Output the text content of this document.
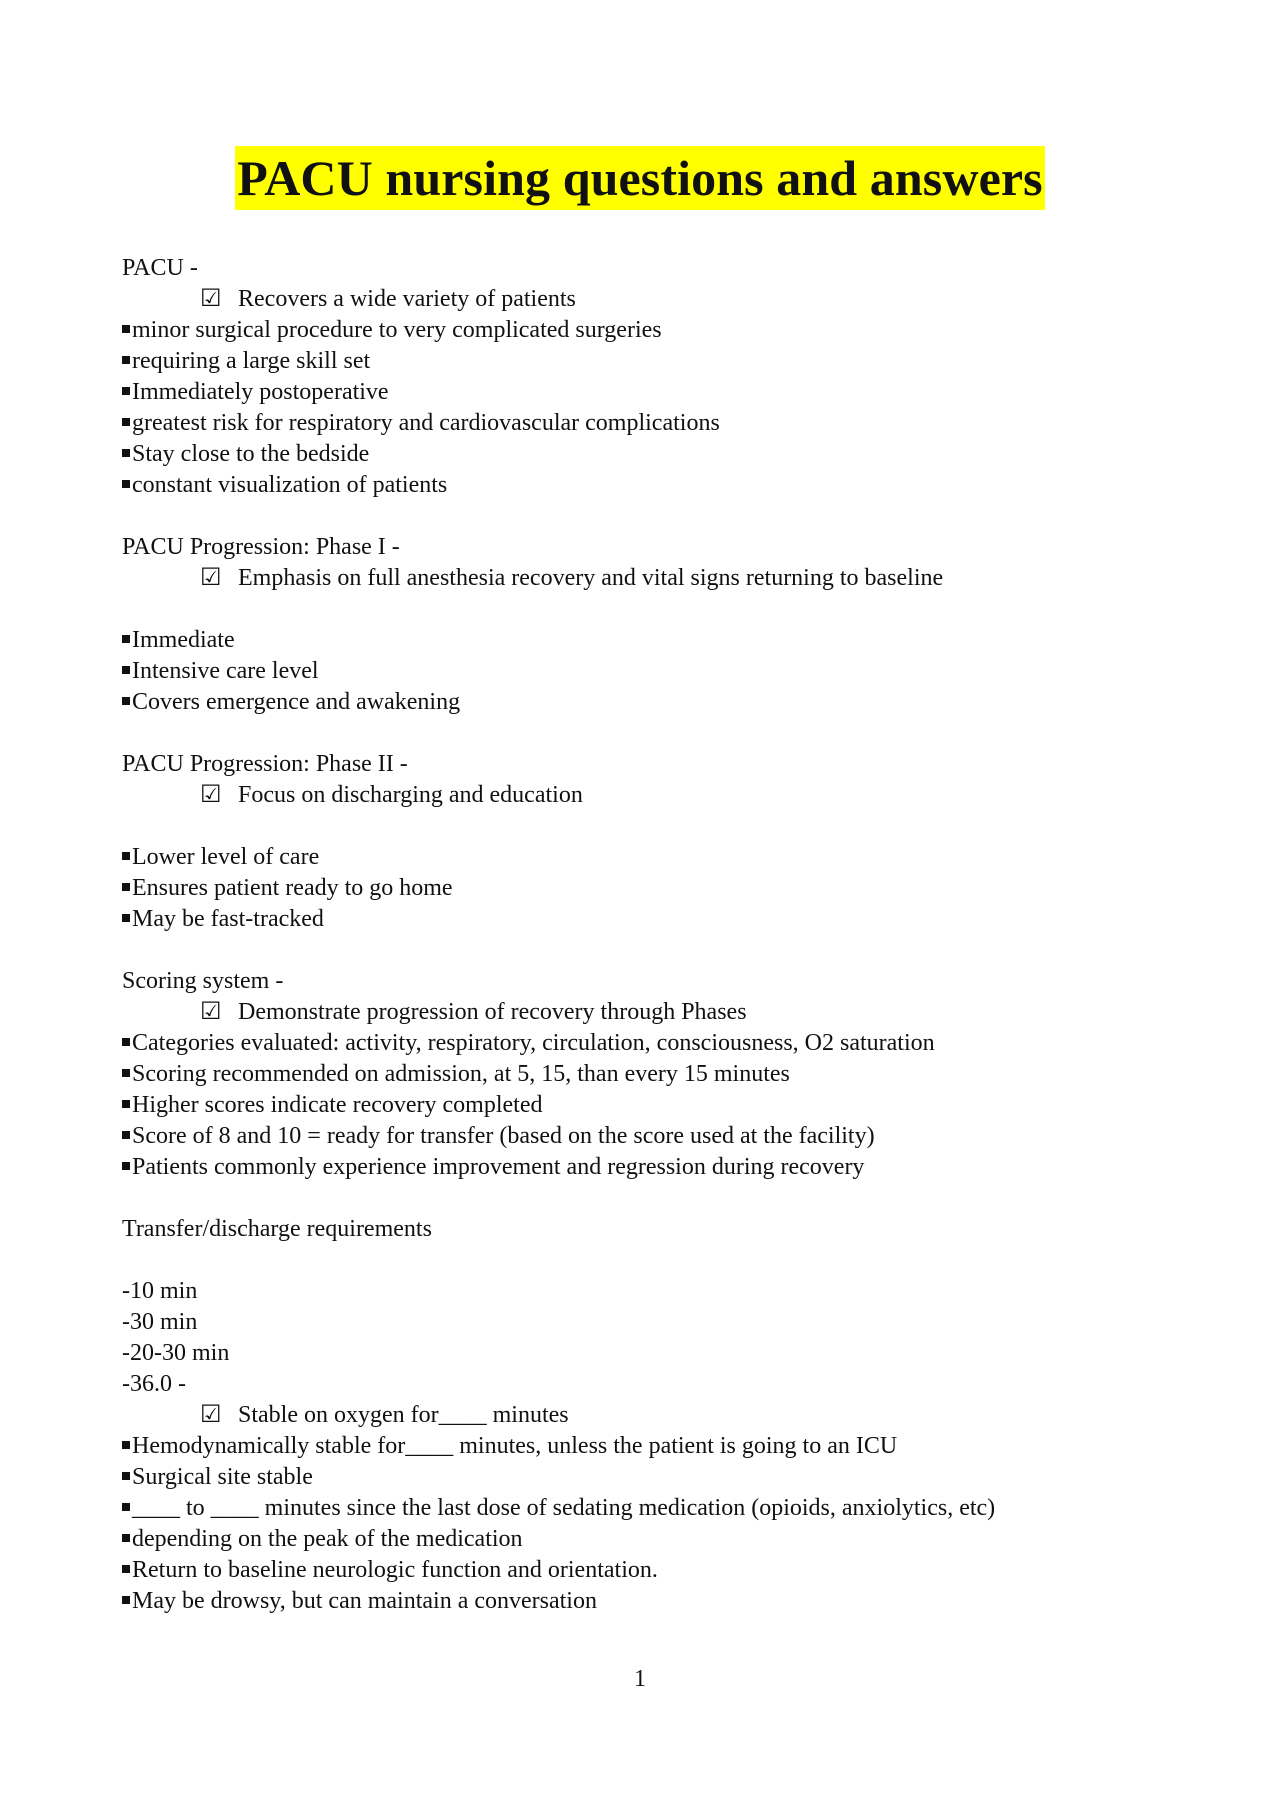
PACU nursing questions and answers
PACU -
☑ Recovers a wide variety of patients
minor surgical procedure to very complicated surgeries
requiring a large skill set
Immediately postoperative
greatest risk for respiratory and cardiovascular complications
Stay close to the bedside
constant visualization of patients
PACU Progression: Phase I -
☑ Emphasis on full anesthesia recovery and vital signs returning to baseline
Immediate
Intensive care level
Covers emergence and awakening
PACU Progression: Phase II -
☑ Focus on discharging and education
Lower level of care
Ensures patient ready to go home
May be fast-tracked
Scoring system -
☑ Demonstrate progression of recovery through Phases
Categories evaluated: activity, respiratory, circulation, consciousness, O2 saturation
Scoring recommended on admission, at 5, 15, than every 15 minutes
Higher scores indicate recovery completed
Score of 8 and 10 = ready for transfer (based on the score used at the facility)
Patients commonly experience improvement and regression during recovery
Transfer/discharge requirements
-10 min
-30 min
-20-30 min
-36.0 -
☑ Stable on oxygen for____ minutes
Hemodynamically stable for____ minutes, unless the patient is going to an ICU
Surgical site stable
____ to ____ minutes since the last dose of sedating medication (opioids, anxiolytics, etc)
depending on the peak of the medication
Return to baseline neurologic function and orientation.
May be drowsy, but can maintain a conversation
1
